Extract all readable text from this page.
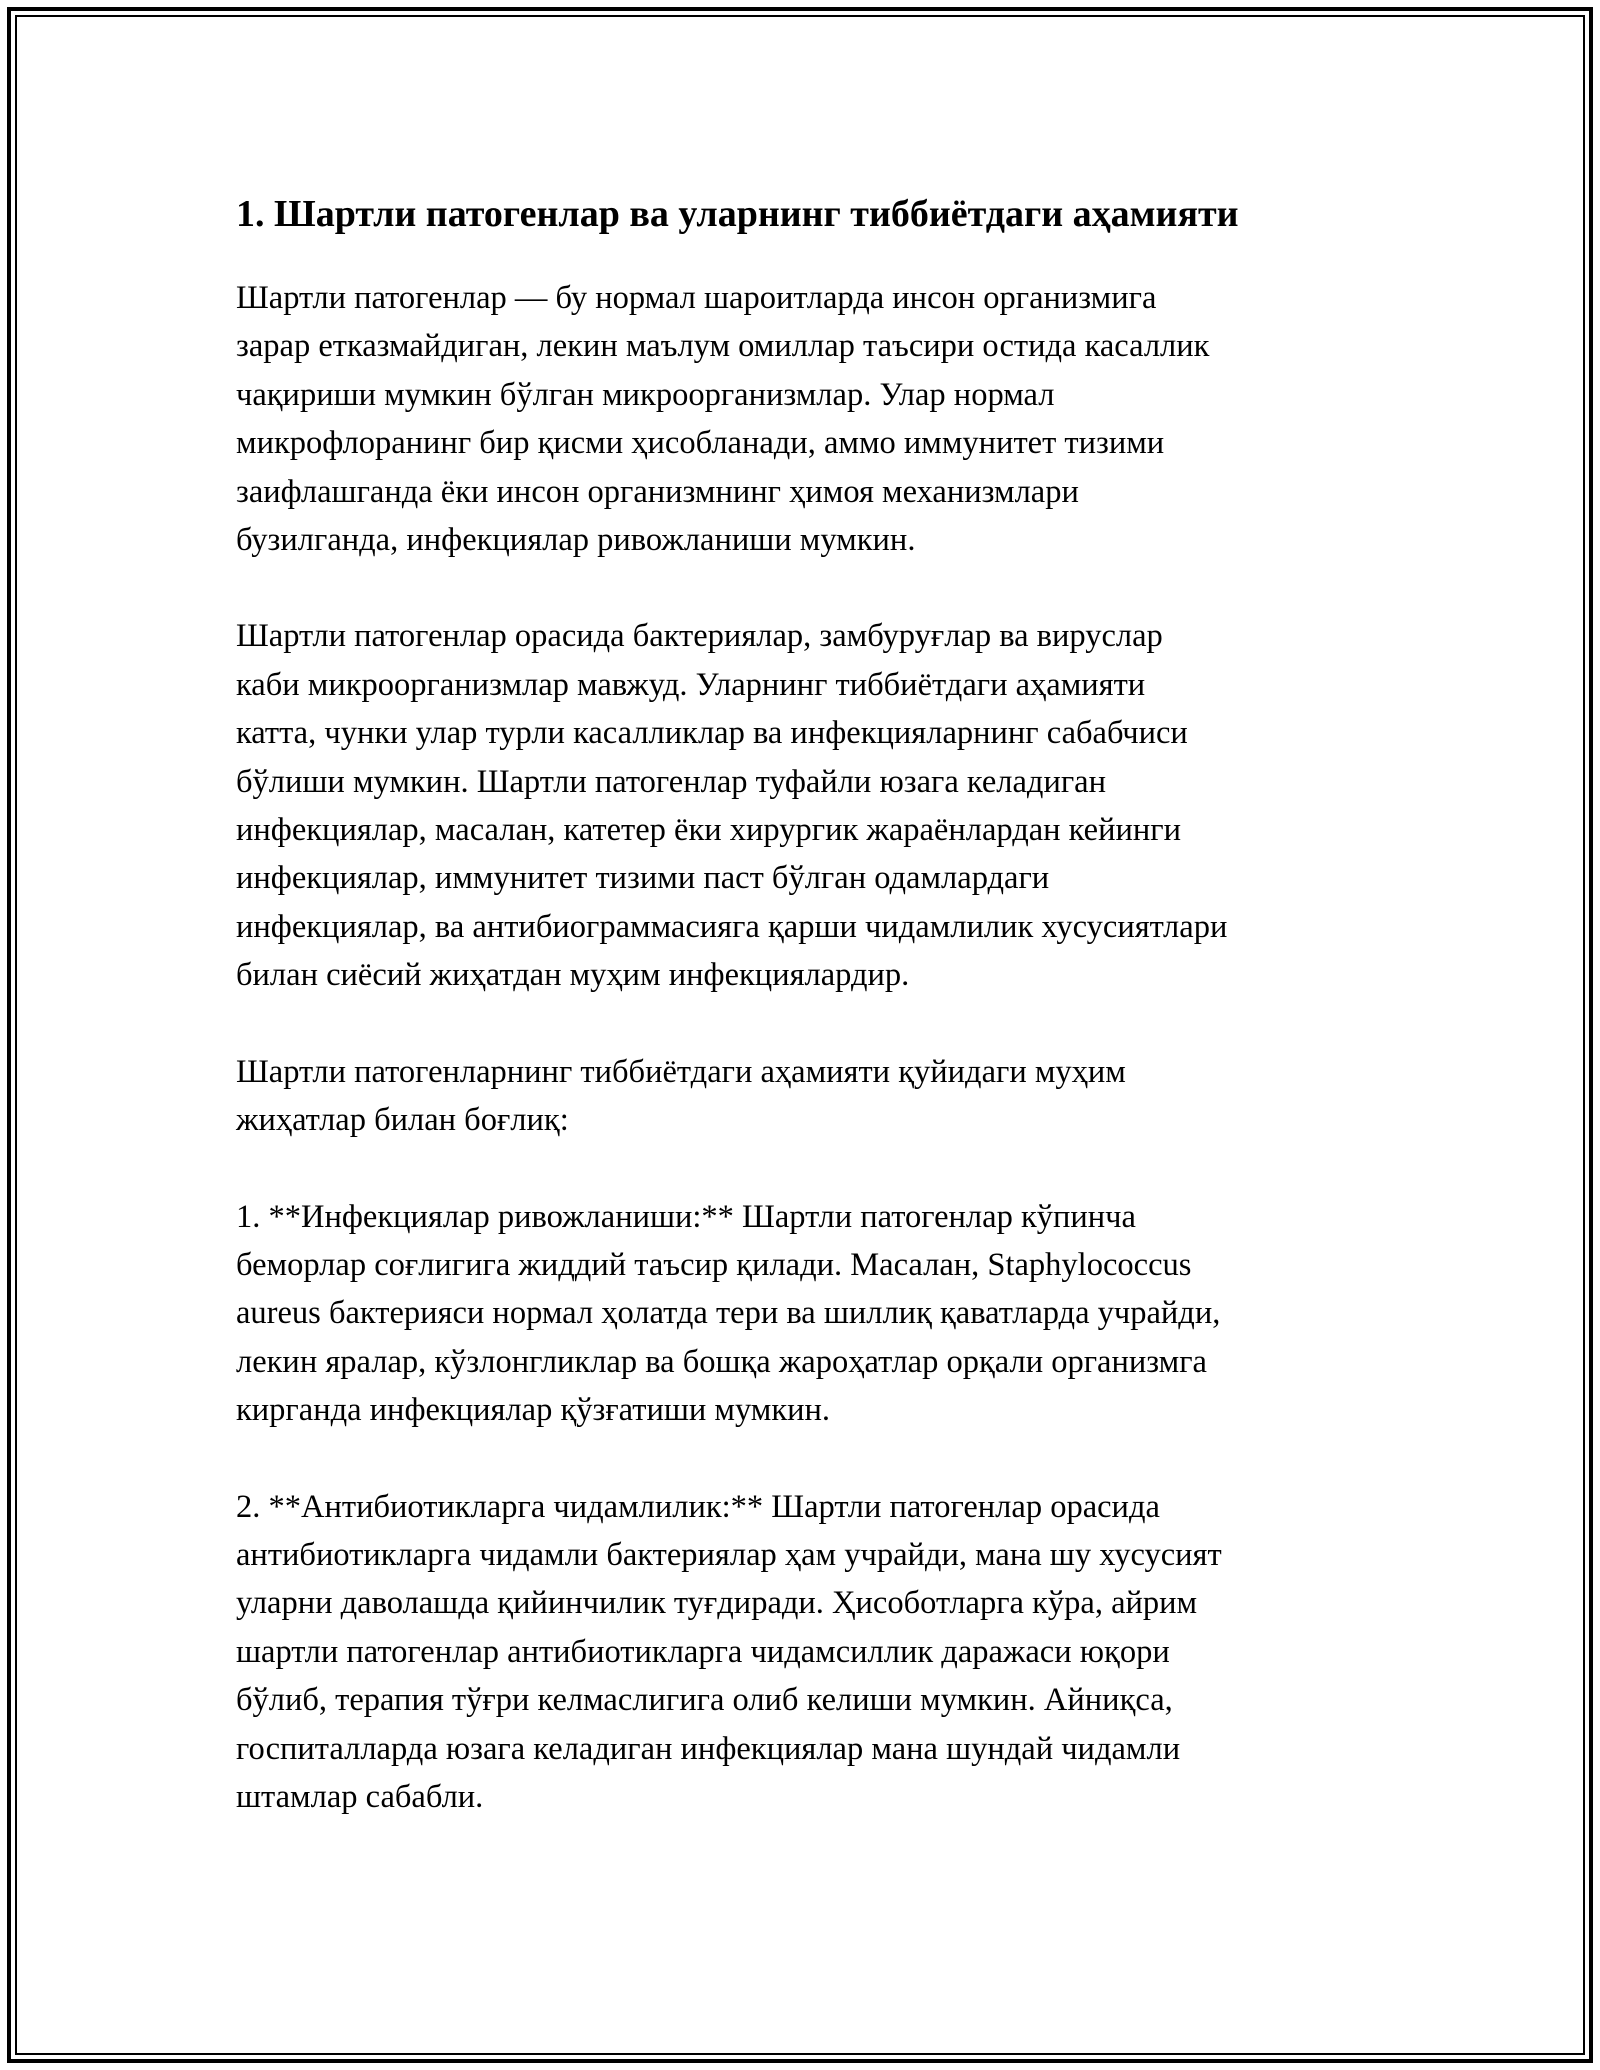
1. Шартли патогенлар ва уларнинг тиббиётдаги аҳамияти

Шартли патогенлар — бу нормал шароитларда инсон организмига
зарар етказмайдиган, лекин маълум омиллар таъсири остида касаллик
чақириши мумкин бўлган микроорганизмлар. Улар нормал
микрофлоранинг бир қисми ҳисобланади, аммо иммунитет тизими
заифлашганда ёки инсон организмнинг ҳимоя механизмлари
бузилганда, инфекциялар ривожланиши мумкин.

Шартли патогенлар орасида бактериялар, замбуруғлар ва вируслар
каби микроорганизмлар мавжуд. Уларнинг тиббиётдаги аҳамияти
катта, чунки улар турли касалликлар ва инфекцияларнинг сабабчиси
бўлиши мумкин. Шартли патогенлар туфайли юзага келадиган
инфекциялар, масалан, катетер ёки хирургик жараёнлардан кейинги
инфекциялар, иммунитет тизими паст бўлган одамлардаги
инфекциялар, ва антибиограммасияга қарши чидамлилик хусусиятлари
билан сиёсий жиҳатдан муҳим инфекциялардир.

Шартли патогенларнинг тиббиётдаги аҳамияти қуйидаги муҳим
жиҳатлар билан боғлиқ:

1. **Инфекциялар ривожланиши:** Шартли патогенлар кўпинча
беморлар соғлигига жиддий таъсир қилади. Масалан, Staphylococcus
aureus бактерияси нормал ҳолатда тери ва шиллиқ қаватларда учрайди,
лекин яралар, кўзлонгликлар ва бошқа жароҳатлар орқали организмга
кирганда инфекциялар қўзғатиши мумкин.

2. **Антибиотикларга чидамлилик:** Шартли патогенлар орасида
антибиотикларга чидамли бактериялар ҳам учрайди, мана шу хусусият
уларни даволашда қийинчилик туғдиради. Ҳисоботларга кўра, айрим
шартли патогенлар антибиотикларга чидамсиллик даражаси юқори
бўлиб, терапия тўғри келмаслигига олиб келиши мумкин. Айниқса,
госпиталларда юзага келадиган инфекциялар мана шундай чидамли
штамлар сабабли.
